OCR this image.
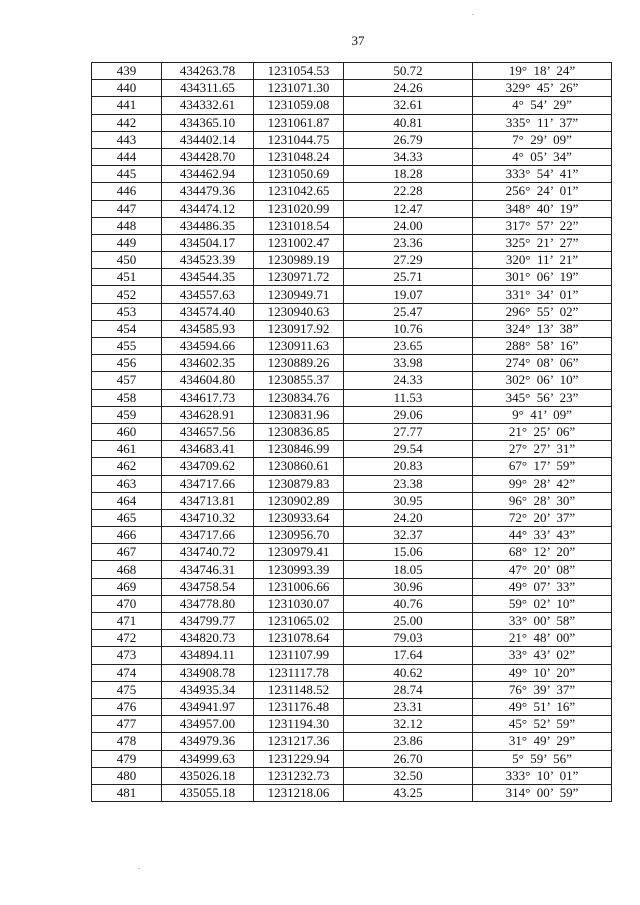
37
439	434263.78	1231054.53	50.72	19°  18’  24”
440	434311.65	1231071.30	24.26	329°  45’  26”
441	434332.61	1231059.08	32.61	4°  54’  29”
442	434365.10	1231061.87	40.81	335°  11’  37”
443	434402.14	1231044.75	26.79	7°  29’  09”
444	434428.70	1231048.24	34.33	4°  05’  34”
445	434462.94	1231050.69	18.28	333°  54’  41”
446	434479.36	1231042.65	22.28	256°  24’  01”
447	434474.12	1231020.99	12.47	348°  40’  19”
448	434486.35	1231018.54	24.00	317°  57’  22”
449	434504.17	1231002.47	23.36	325°  21’  27”
450	434523.39	1230989.19	27.29	320°  11’  21”
451	434544.35	1230971.72	25.71	301°  06’  19”
452	434557.63	1230949.71	19.07	331°  34’  01”
453	434574.40	1230940.63	25.47	296°  55’  02”
454	434585.93	1230917.92	10.76	324°  13’  38”
455	434594.66	1230911.63	23.65	288°  58’  16”
456	434602.35	1230889.26	33.98	274°  08’  06”
457	434604.80	1230855.37	24.33	302°  06’  10”
458	434617.73	1230834.76	11.53	345°  56’  23”
459	434628.91	1230831.96	29.06	9°  41’  09”
460	434657.56	1230836.85	27.77	21°  25’  06”
461	434683.41	1230846.99	29.54	27°  27’  31”
462	434709.62	1230860.61	20.83	67°  17’  59”
463	434717.66	1230879.83	23.38	99°  28’  42”
464	434713.81	1230902.89	30.95	96°  28’  30”
465	434710.32	1230933.64	24.20	72°  20’  37”
466	434717.66	1230956.70	32.37	44°  33’  43”
467	434740.72	1230979.41	15.06	68°  12’  20”
468	434746.31	1230993.39	18.05	47°  20’  08”
469	434758.54	1231006.66	30.96	49°  07’  33”
470	434778.80	1231030.07	40.76	59°  02’  10”
471	434799.77	1231065.02	25.00	33°  00’  58”
472	434820.73	1231078.64	79.03	21°  48’  00”
473	434894.11	1231107.99	17.64	33°  43’  02”
474	434908.78	1231117.78	40.62	49°  10’  20”
475	434935.34	1231148.52	28.74	76°  39’  37”
476	434941.97	1231176.48	23.31	49°  51’  16”
477	434957.00	1231194.30	32.12	45°  52’  59”
478	434979.36	1231217.36	23.86	31°  49’  29”
479	434999.63	1231229.94	26.70	5°  59’  56”
480	435026.18	1231232.73	32.50	333°  10’  01”
481	435055.18	1231218.06	43.25	314°  00’  59”
